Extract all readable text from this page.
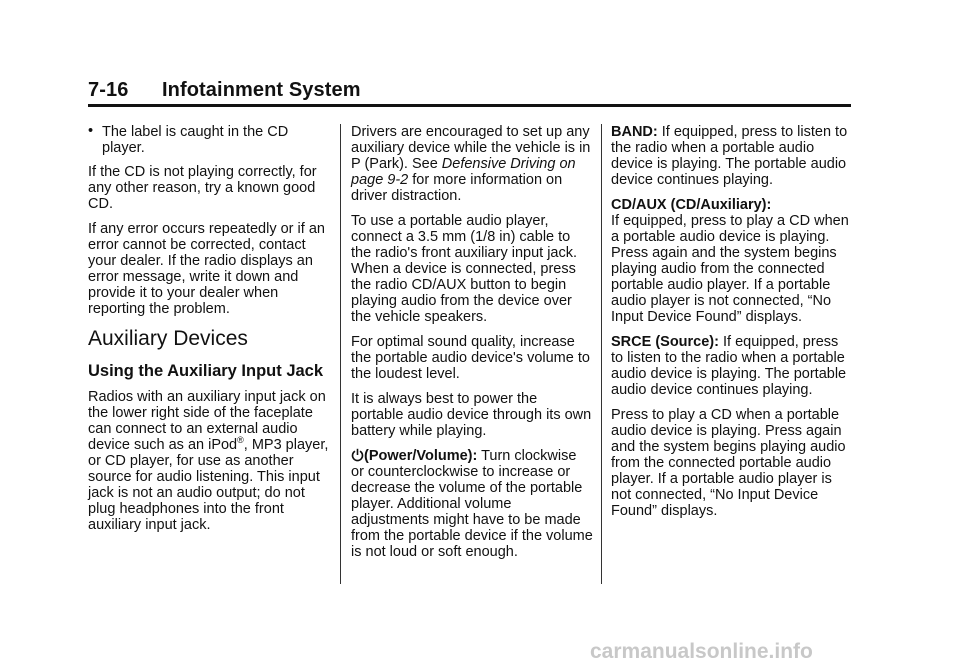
7-16 Infotainment System
• The label is caught in the CD player.

If the CD is not playing correctly, for any other reason, try a known good CD.

If any error occurs repeatedly or if an error cannot be corrected, contact your dealer. If the radio displays an error message, write it down and provide it to your dealer when reporting the problem.

Auxiliary Devices
Using the Auxiliary Input Jack

Radios with an auxiliary input jack on the lower right side of the faceplate can connect to an external audio device such as an iPod®, MP3 player, or CD player, for use as another source for audio listening. This input jack is not an audio output; do not plug headphones into the front auxiliary input jack.

Drivers are encouraged to set up any auxiliary device while the vehicle is in P (Park). See Defensive Driving on page 9-2 for more information on driver distraction.

To use a portable audio player, connect a 3.5 mm (1/8 in) cable to the radio's front auxiliary input jack. When a device is connected, press the radio CD/AUX button to begin playing audio from the device over the vehicle speakers.

For optimal sound quality, increase the portable audio device's volume to the loudest level.

It is always best to power the portable audio device through its own battery while playing.

(Power/Volume): Turn clockwise or counterclockwise to increase or decrease the volume of the portable player. Additional volume adjustments might have to be made from the portable device if the volume is not loud or soft enough.

BAND: If equipped, press to listen to the radio when a portable audio device is playing. The portable audio device continues playing.

CD/AUX (CD/Auxiliary):
If equipped, press to play a CD when a portable audio device is playing. Press again and the system begins playing audio from the connected portable audio player. If a portable audio player is not connected, “No Input Device Found” displays.

SRCE (Source): If equipped, press to listen to the radio when a portable audio device is playing. The portable audio device continues playing.

Press to play a CD when a portable audio device is playing. Press again and the system begins playing audio from the connected portable audio player. If a portable audio player is not connected, “No Input Device Found” displays.

carmanualsonline.info
